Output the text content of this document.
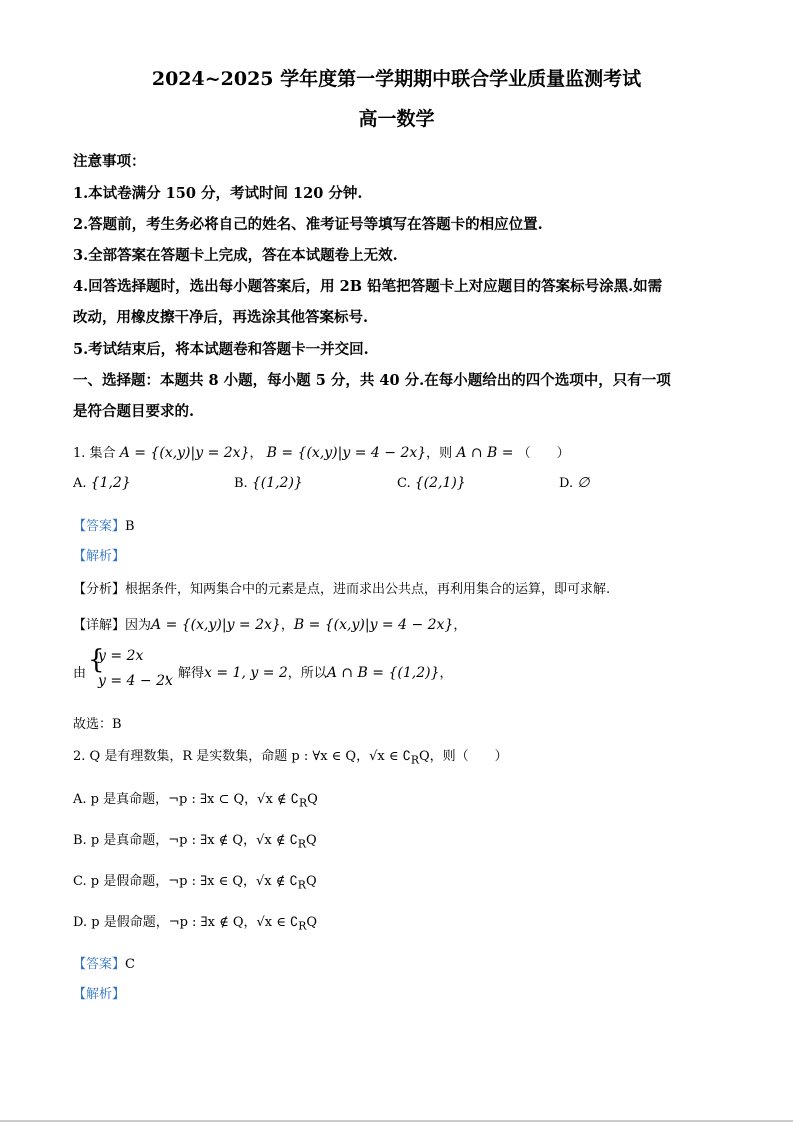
2024~2025 学年度第一学期期中联合学业质量监测考试
高一数学
注意事项：
1.本试卷满分 150 分，考试时间 120 分钟.
2.答题前，考生务必将自己的姓名、准考证号等填写在答题卡的相应位置.
3.全部答案在答题卡上完成，答在本试题卷上无效.
4.回答选择题时，选出每小题答案后，用 2B 铅笔把答题卡上对应题目的答案标号涂黑.如需
改动，用橡皮擦干净后，再选涂其他答案标号.
5.考试结束后，将本试题卷和答题卡一并交回.
一、选择题：本题共 8 小题，每小题 5 分，共 40 分.在每小题给出的四个选项中，只有一项
是符合题目要求的.
1. 集合 A = {(x,y)|y = 2x}， B = {(x,y)|y = 4 − 2x}，则 A ∩ B = （　　）
A. {1,2}	B. {(1,2)}	C. {(2,1)}	D. ∅
【答案】B
【解析】
【分析】根据条件，知两集合中的元素是点，进而求出公共点，再利用集合的运算，即可求解.
【详解】因为A = {(x,y)|y = 2x}，B = {(x,y)|y = 4 − 2x}，
由 {
y = 2x
y = 4 − 2x
，解得x = 1, y = 2，所以A ∩ B = {(1,2)}，
故选：B
2. Q 是有理数集，R 是实数集，命题 p : ∀x ∈ Q，√x ∈ $∁_RQ$，则（　　）
A. p 是真命题，¬p : ∃x ⊂ Q，√x ∉ $∁_RQ$
B. p 是真命题，¬p : ∃x ∉ Q，√x ∉ $∁_RQ$
C. p 是假命题，¬p : ∃x ∈ Q，√x ∉ $∁_RQ$
D. p 是假命题，¬p : ∃x ∉ Q，√x ∈ $∁_RQ$
【答案】C
【解析】
